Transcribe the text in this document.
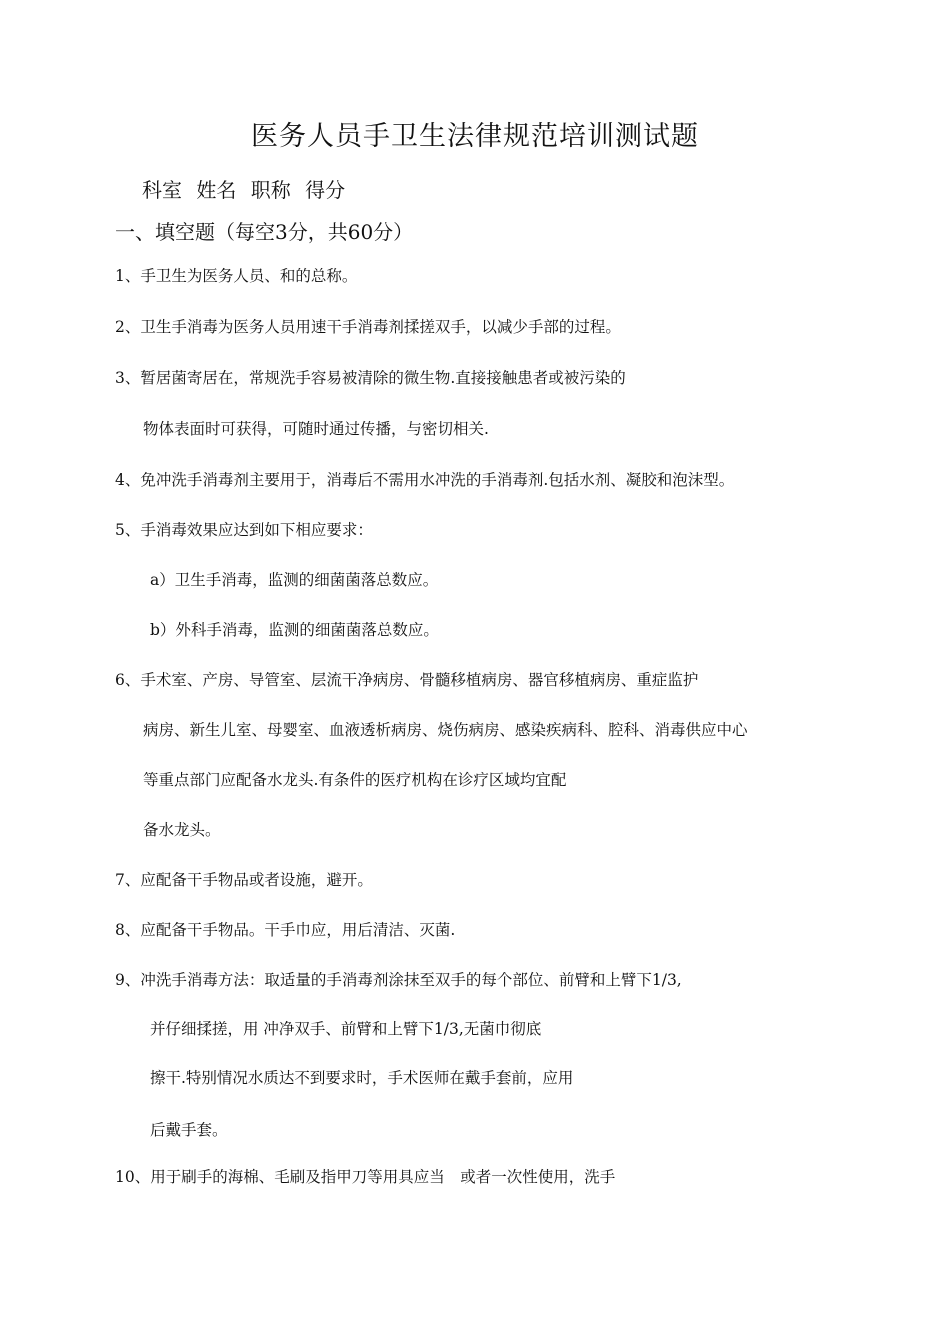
医务人员手卫生法律规范培训测试题
科室 姓名 职称 得分
一、填空题（每空3分，共60分）
1、手卫生为医务人员、和的总称。
2、卫生手消毒为医务人员用速干手消毒剂揉搓双手，以减少手部的过程。
3、暂居菌寄居在，常规洗手容易被清除的微生物.直接接触患者或被污染的
物体表面时可获得，可随时通过传播，与密切相关.
4、免冲洗手消毒剂主要用于，消毒后不需用水冲洗的手消毒剂.包括水剂、凝胶和泡沫型。
5、手消毒效果应达到如下相应要求：
a）卫生手消毒，监测的细菌菌落总数应。
b）外科手消毒，监测的细菌菌落总数应。
6、手术室、产房、导管室、层流干净病房、骨髓移植病房、器官移植病房、重症监护
病房、新生儿室、母婴室、血液透析病房、烧伤病房、感染疾病科、腔科、消毒供应中心
等重点部门应配备水龙头.有条件的医疗机构在诊疗区域均宜配
备水龙头。
7、应配备干手物品或者设施，避开。
8、应配备干手物品。干手巾应，用后清洁、灭菌.
9、冲洗手消毒方法：取适量的手消毒剂涂抹至双手的每个部位、前臂和上臂下1/3,
并仔细揉搓，用 冲净双手、前臂和上臂下1/3,无菌巾彻底
擦干.特别情况水质达不到要求时，手术医师在戴手套前，应用
后戴手套。
10、用于刷手的海棉、毛刷及指甲刀等用具应当　或者一次性使用，洗手
